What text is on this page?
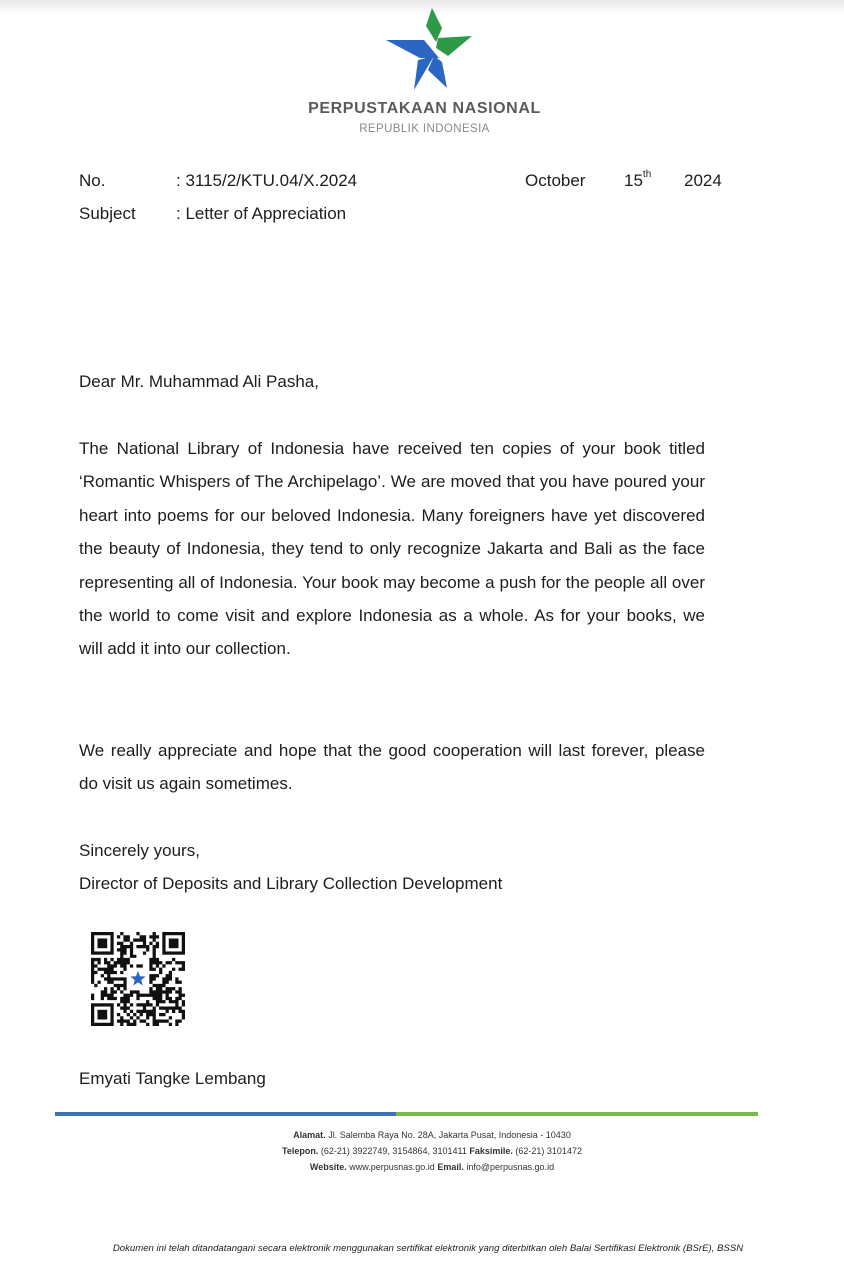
PERPUSTAKAAN NASIONAL
REPUBLIK INDONESIA
No.	: 3115/2/KTU.04/X.2024
Subject : Letter of Appreciation
October 15th 2024
Dear Mr. Muhammad Ali Pasha,
The National Library of Indonesia have received ten copies of your book titled ‘Romantic Whispers of The Archipelago’. We are moved that you have poured your heart into poems for our beloved Indonesia. Many foreigners have yet discovered the beauty of Indonesia, they tend to only recognize Jakarta and Bali as the face representing all of Indonesia. Your book may become a push for the people all over the world to come visit and explore Indonesia as a whole. As for your books, we will add it into our collection.
We really appreciate and hope that the good cooperation will last forever, please do visit us again sometimes.
Sincerely yours,
Director of Deposits and Library Collection Development
Emyati Tangke Lembang
Alamat. Jl. Salemba Raya No. 28A, Jakarta Pusat, Indonesia - 10430
Telepon. (62-21) 3922749, 3154864, 3101411 Faksimile. (62-21) 3101472
Website. www.perpusnas.go.id Email. info@perpusnas.go.id
Dokumen ini telah ditandatangani secara elektronik menggunakan sertifikat elektronik yang diterbitkan oleh Balai Sertifikasi Elektronik (BSrE), BSSN
